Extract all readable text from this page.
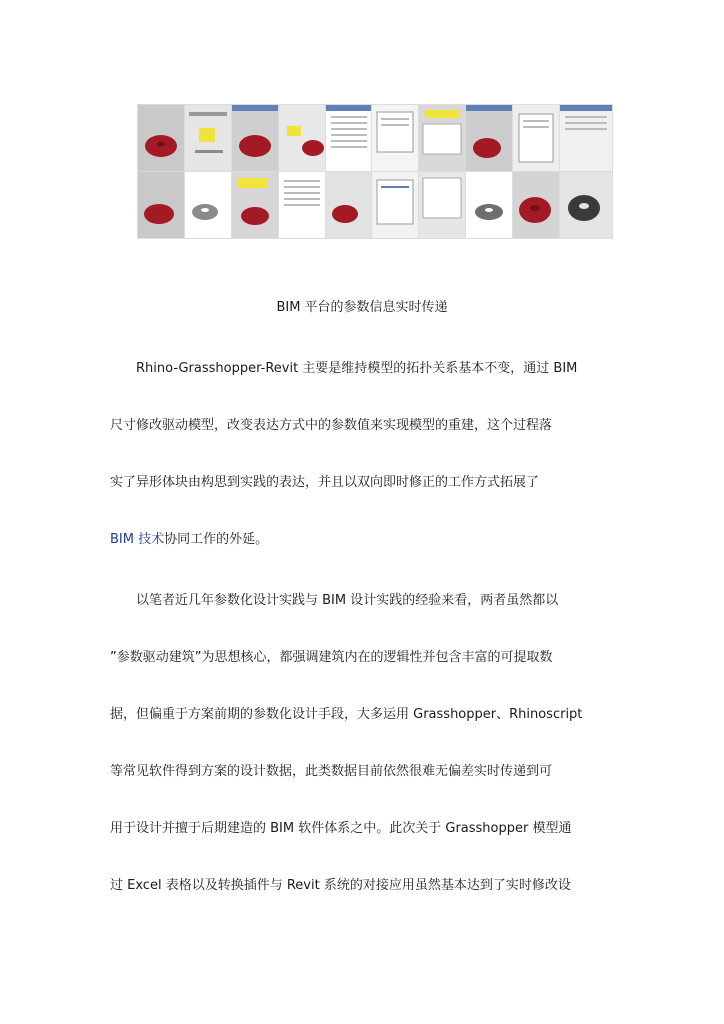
BIM 平台的参数信息实时传递

Rhino-Grasshopper-Revit 主要是维持模型的拓扑关系基本不变，通过 BIM
尺寸修改驱动模型，改变表达方式中的参数值来实现模型的重建，这个过程落
实了异形体块由构思到实践的表达，并且以双向即时修正的工作方式拓展了
BIM 技术协同工作的外延。

以笔者近几年参数化设计实践与 BIM 设计实践的经验来看，两者虽然都以
”参数驱动建筑”为思想核心，都强调建筑内在的逻辑性并包含丰富的可提取数
据，但偏重于方案前期的参数化设计手段，大多运用 Grasshopper、Rhinoscript
等常见软件得到方案的设计数据，此类数据目前依然很难无偏差实时传递到可
用于设计并擅于后期建造的 BIM 软件体系之中。此次关于 Grasshopper 模型通
过 Excel 表格以及转换插件与 Revit 系统的对接应用虽然基本达到了实时修改设
